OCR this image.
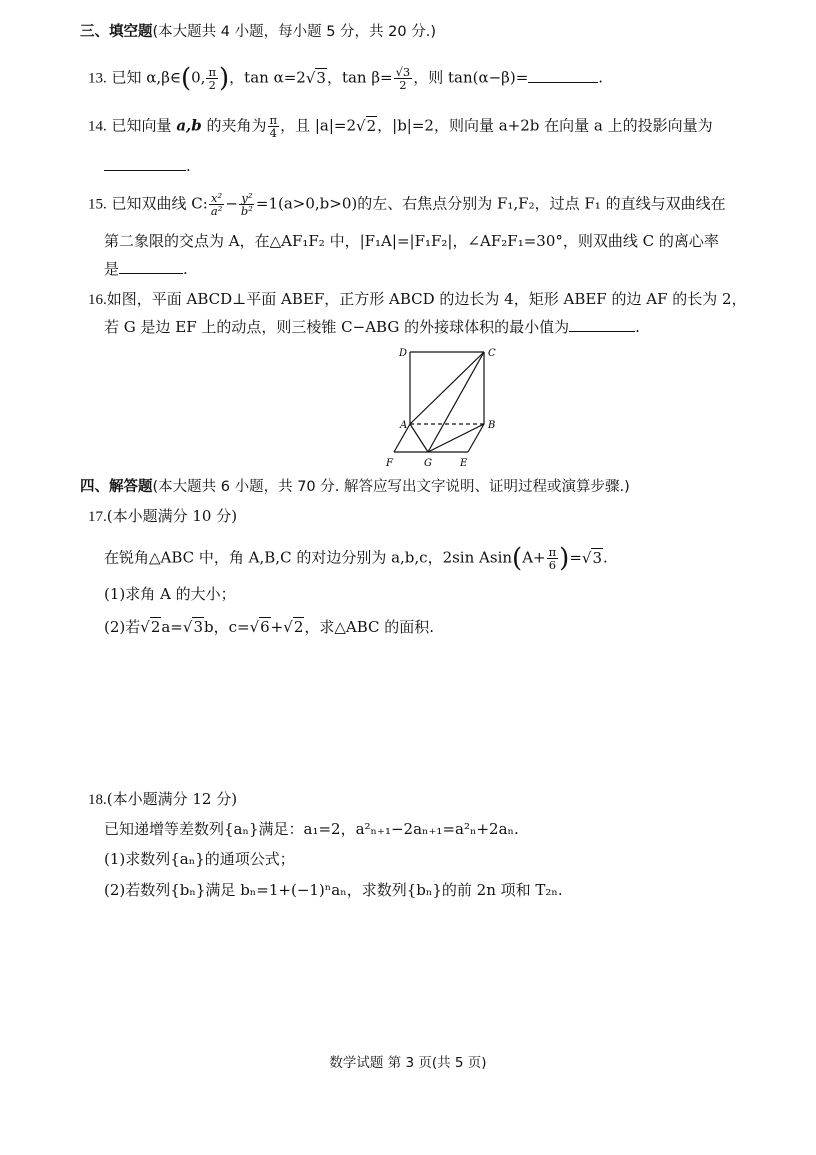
三、填空题(本大题共 4 小题，每小题 5 分，共 20 分.)
13. 已知 α,β∈(0, $\frac{\pi}{2}$ )，tan α=2√3，$\tan \beta= \frac{√3}{2}$ ，则 tan(α−β)=	.
14. 已知向量 a,b 的夹角为 $\frac{\pi}{4}$ ，且 |a|=2√2，|b|=2，则向量 a+2b 在向量 a 上的投影向量为
.
15. 已知双曲线 C: $\frac{\text{x²}}{\text{a²}} - \frac{\text{y²}}{\text{b²}} =1(a>0,b>0)$的左、右焦点分别为 F₁,F₂，过点 F₁ 的直线与双曲线在
第二象限的交点为 A，在△AF₁F₂ 中，|F₁A|=|F₁F₂|，∠AF₂F₁=30°，则双曲线 C 的离心率
是	.
16.如图，平面 ABCD⊥平面 ABEF，正方形 ABCD 的边长为 4，矩形 ABEF 的边 AF 的长为 2，
若 G 是边 EF 上的动点，则三棱锥 C−ABG 的外接球体积的最小值为	.
D	C
A	B
F	G	E
四、解答题(本大题共 6 小题，共 70 分. 解答应写出文字说明、证明过程或演算步骤.)
17.(本小题满分 10 分)
在锐角△ABC 中，角 A,B,C 的对边分别为 a,b,c，2sin $Asin(A+ \frac{\pi}{6} )=√3$.
(1)求角 A 的大小；
(2)若√2a=√3b，c=√6+√2，求△ABC 的面积.
18.(本小题满分 12 分)
已知递增等差数列{aₙ}满足：a₁=2，a²ₙ₊₁−2aₙ₊₁=a²ₙ+2aₙ.
(1)求数列{aₙ}的通项公式；
(2)若数列{bₙ}满足 bₙ=1+(−1)ⁿaₙ，求数列{bₙ}的前 2n 项和 T₂ₙ.
数学试题 第 3 页(共 5 页)
